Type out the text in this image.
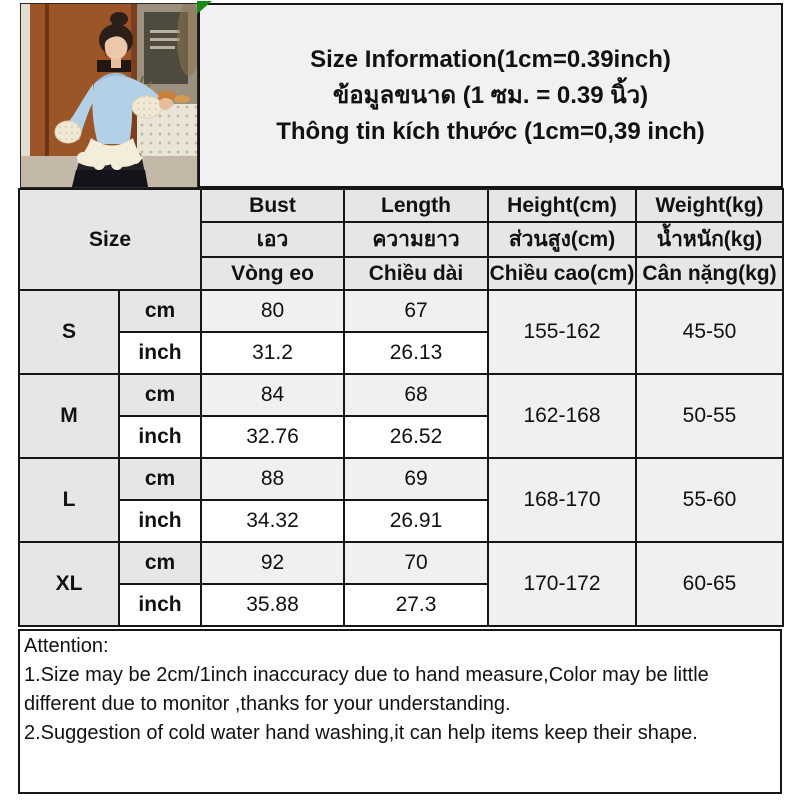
Size Information(1cm=0.39inch)
ข้อมูลขนาด (1 ซม. = 0.39 นิ้ว)
Thông tin kích thước (1cm=0,39 inch)
Size		Bust	Length	Height(cm)	Weight(kg)
		เอว	ความยาว	ส่วนสูง(cm)	น้ำหนัก(kg)
		Vòng eo	Chiều dài	Chiều cao(cm)	Cân nặng(kg)
S	cm	80	67	155-162	45-50
	inch	31.2	26.13		
M	cm	84	68	162-168	50-55
	inch	32.76	26.52		
L	cm	88	69	168-170	55-60
	inch	34.32	26.91		
XL	cm	92	70	170-172	60-65
	inch	35.88	27.3		

Attention:

1.Size may be 2cm/1inch inaccuracy due to hand measure,Color may be little different due to monitor ,thanks for your understanding.

2.Suggestion of cold water hand washing,it can help items keep their shape.
